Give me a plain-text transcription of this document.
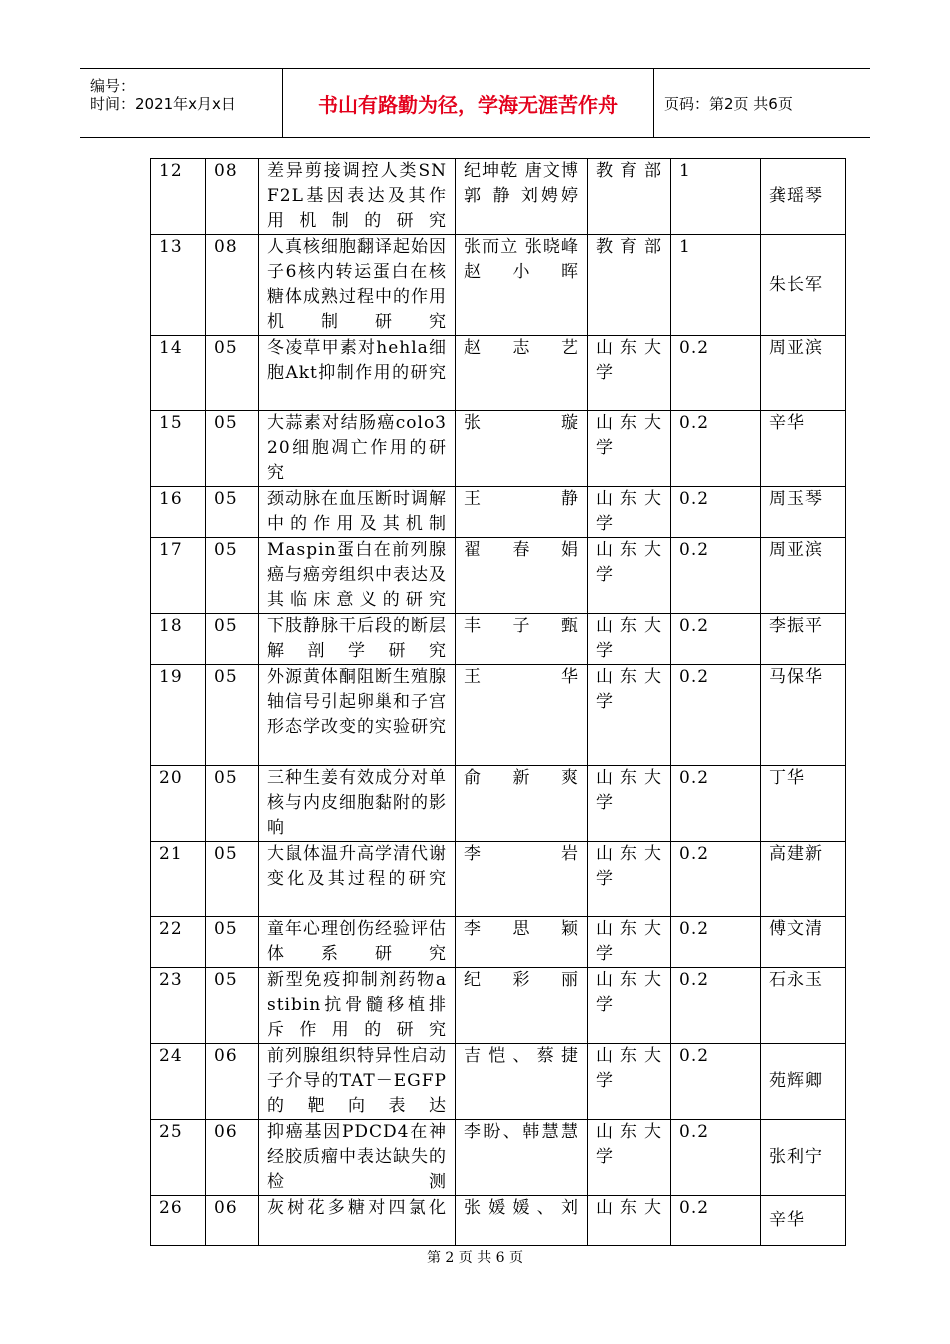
编号：
时间：2021年x月x日	书山有路勤为径，学海无涯苦作舟	页码：第2页 共6页
12	08	差异剪接调控人类SNF2L基因表达及其作用机制的研究	纪坤乾 唐文博 郭 静 刘娉婷	教育部	1	龚瑶琴
13	08	人真核细胞翻译起始因子6核内转运蛋白在核糖体成熟过程中的作用机制研究	张而立 张晓峰 赵小晖	教育部	1	朱长军
14	05	冬凌草甲素对hehla细胞Akt抑制作用的研究	赵志艺	山东大学	0.2	周亚滨
15	05	大蒜素对结肠癌colo320细胞凋亡作用的研究	张璇	山东大学	0.2	辛华
16	05	颈动脉在血压断时调解中的作用及其机制	王静	山东大学	0.2	周玉琴
17	05	Maspin蛋白在前列腺癌与癌旁组织中表达及其临床意义的研究	翟春娟	山东大学	0.2	周亚滨
18	05	下肢静脉干后段的断层解剖学研究	丰子甄	山东大学	0.2	李振平
19	05	外源黄体酮阻断生殖腺轴信号引起卵巢和子宫形态学改变的实验研究	王华	山东大学	0.2	马保华
20	05	三种生姜有效成分对单核与内皮细胞黏附的影响	俞新爽	山东大学	0.2	丁华
21	05	大鼠体温升高学清代谢变化及其过程的研究	李岩	山东大学	0.2	高建新
22	05	童年心理创伤经验评估体系研究	李思颖	山东大学	0.2	傅文清
23	05	新型免疫抑制剂药物astibin抗骨髓移植排斥作用的研究	纪彩丽	山东大学	0.2	石永玉
24	06	前列腺组织特异性启动子介导的TAT－EGFP的靶向表达	吉恺、蔡捷	山东大学	0.2	苑辉卿
25	06	抑癌基因PDCD4在神经胶质瘤中表达缺失的检测	李盼、韩慧慧	山东大学	0.2	张利宁
26	06	灰树花多糖对四氯化	张媛媛、刘	山东大	0.2	辛华
第 2 页 共 6 页
